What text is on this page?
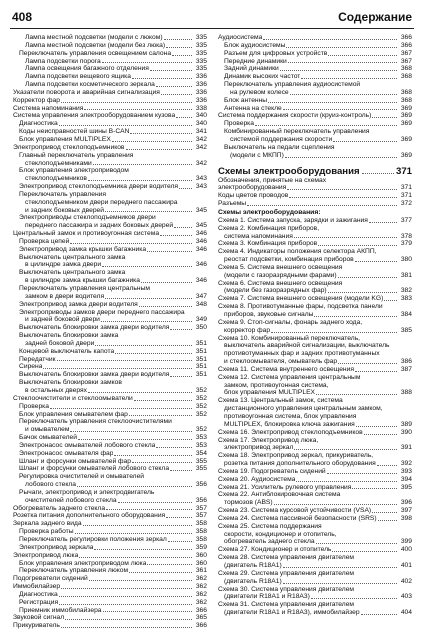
408	Содержание
Лампа местной подсветки (модели с люком)	335
Лампа местной подсветки (модели без люка)	335
Переключатель управления освещением салона	335
Лампа подсветки порога	335
Лампа освещения багажного отделения	335
Лампа подсветки вещевого ящика	336
Лампа подсветки косметического зеркала	336
Указатели поворота и аварийная сигнализация	336
Корректор фар	336
Система напоминания	338
Система управления электрооборудованием кузова	340
Диагностика	340
Коды неисправностей шины В-CAN	341
Блок управления MULTIPLEX	342
Электропривод стеклоподъемников	342
Главный переключатель управления
стеклоподъемниками	342
Блок управления электроприводом
стеклоподъемников	343
Электропривод стеклоподъемника двери водителя	343
Переключатель управления
стеклоподъемником двери переднего пассажира
и задних боковых дверей	345
Электроприводы стеклоподъемников двери
переднего пассажира и задних боковых дверей	345
Центральный замок и противоугонная система	346
Проверка цепей	346
Электропривод замка крышки багажника	346
Выключатель центрального замка
в цилиндре замка двери	346
Выключатель центрального замка
в цилиндре замка крышки багажника	346
Переключатель управления центральным
замком в двери водителя	347
Электропривод замка двери водителя	348
Электроприводы замков двери переднего пассажира
и задней боковой двери	349
Выключатель блокировки замка двери водителя	350
Выключатель блокировки замка
задней боковой двери	351
Концевой выключатель капота	351
Передатчик	351
Сирена	351
Выключатель блокировки замка двери водителя	351
Выключатель блокировки замков
в остальных дверях	352
Стеклоочистители и стеклоомыватели	352
Проверка	352
Блок управления омывателем фар	352
Переключатель управления стеклоочистителями
и омывателем	352
Бачок омывателей	353
Электронасос омывателей лобового стекла	353
Электронасос омывателя фар	354
Шланг и форсунки омывателей фар	355
Шланг и форсунки омывателей лобового стекла	355
Регулировка очистителей и омывателей
лобового стекла	356
Рычаги, электропривод и электродвигатель
очистителей лобового стекла	356
Обогреватель заднего стекла	357
Розетка питания дополнительного оборудования	357
Зеркала заднего вида	358
Проверка работы	358
Переключатель регулировки положения зеркал	358
Электропривод зеркала	359
Электропривод люка	360
Блок управления электроприводом люка	360
Переключатель управления люком	361
Подогреватели сидений	362
Иммобилайзер	362
Диагностика	362
Регистрация	362
Приемник иммобилайзера	366
Звуковой сигнал	365
Прикуриватель	366
Аудиосистема	366
Блок аудиосистемы	366
Разъем для цифровых устройств	367
Передние динамики	367
Задний динамики	368
Динамик высоких частот	368
Переключатель управления аудиосистемой
на рулевом колесе	368
Блок антенны	368
Антенна на стекле	369
Система поддержания скорости (круиз-контроль)	369
Проверка	369
Комбинированный переключатель управления
системой поддержания скорости	369
Выключатель на педали сцепления
(модели с МКПП)	369
Схемы электрооборудования	371
Обозначения, принятые на схемах
электрооборудования	371
Коды цветов проводов	371
Разъемы	372
Схемы электрооборудования:
Схема 1. Система запуска, зарядки и зажигания	377
Схема 2. Комбинация приборов,
система напоминания	378
Схема 3. Комбинация приборов	379
Схема 4. Индикаторы положения селектора АКПП,
реостат подсветки, комбинация приборов	380
Схема 5. Система внешнего освещения
(модели с газоразрядными фарами)	381
Схема 6. Система внешнего освещения
(модели без газоразрядных фар)	382
Схема 7. Система внешнего освещения (модели KG)	383
Схема 8. Противотуманные фары, подсветка панели
приборов, звуковые сигналы	384
Схема 9. Стоп-сигналы, фонарь заднего хода,
корректор фар	385
Схема 10. Комбинированный переключатель,
выключатель аварийной сигнализации, выключатель
противотуманных фар и задних противотуманных
и стеклоомывателя, омыватель фар	386
Схема 11. Система внутреннего освещения	387
Схема 12. Система управления центральным
замком, противоугонная система,
блок управления MULTIPLEX	388
Схема 13. Центральный замок, система
дистанционного управления центральным замком,
противоугонная система, блок управления
MULTIPLEX, блокировка ключа зажигания	389
Схема 16. Электропривод стеклоподъемников	390
Схема 17. Электропривод люка,
электропривод зеркал	391
Схема 18. Электропривод зеркал, прикуриватель,
розетка питания дополнительного оборудования	392
Схема 19. Подогреватель сидений	393
Схема 20. Аудиосистема	394
Схема 21. Усилитель рулевого управления	395
Схема 22. Антиблокировочная система
тормозов (ABS)	396
Схема 23. Система курсовой устойчивости (VSA)	397
Схема 24. Система пассивной безопасности (SRS)	398
Схема 25. Система поддержания
скорости, кондиционер и отопитель,
обогреватель заднего стекла	399
Схема 27. Кондиционер и отопитель	400
Схема 28. Система управления двигателем
(двигатель R18A1)	401
Схема 29. Система управления двигателем
(двигатель R18A1)	402
Схема 30. Система управления двигателем
(двигатели R18A1 и R18A3)	403
Схема 31. Система управления двигателем
(двигатели R18A1 и R18A3), иммобилайзер	404
